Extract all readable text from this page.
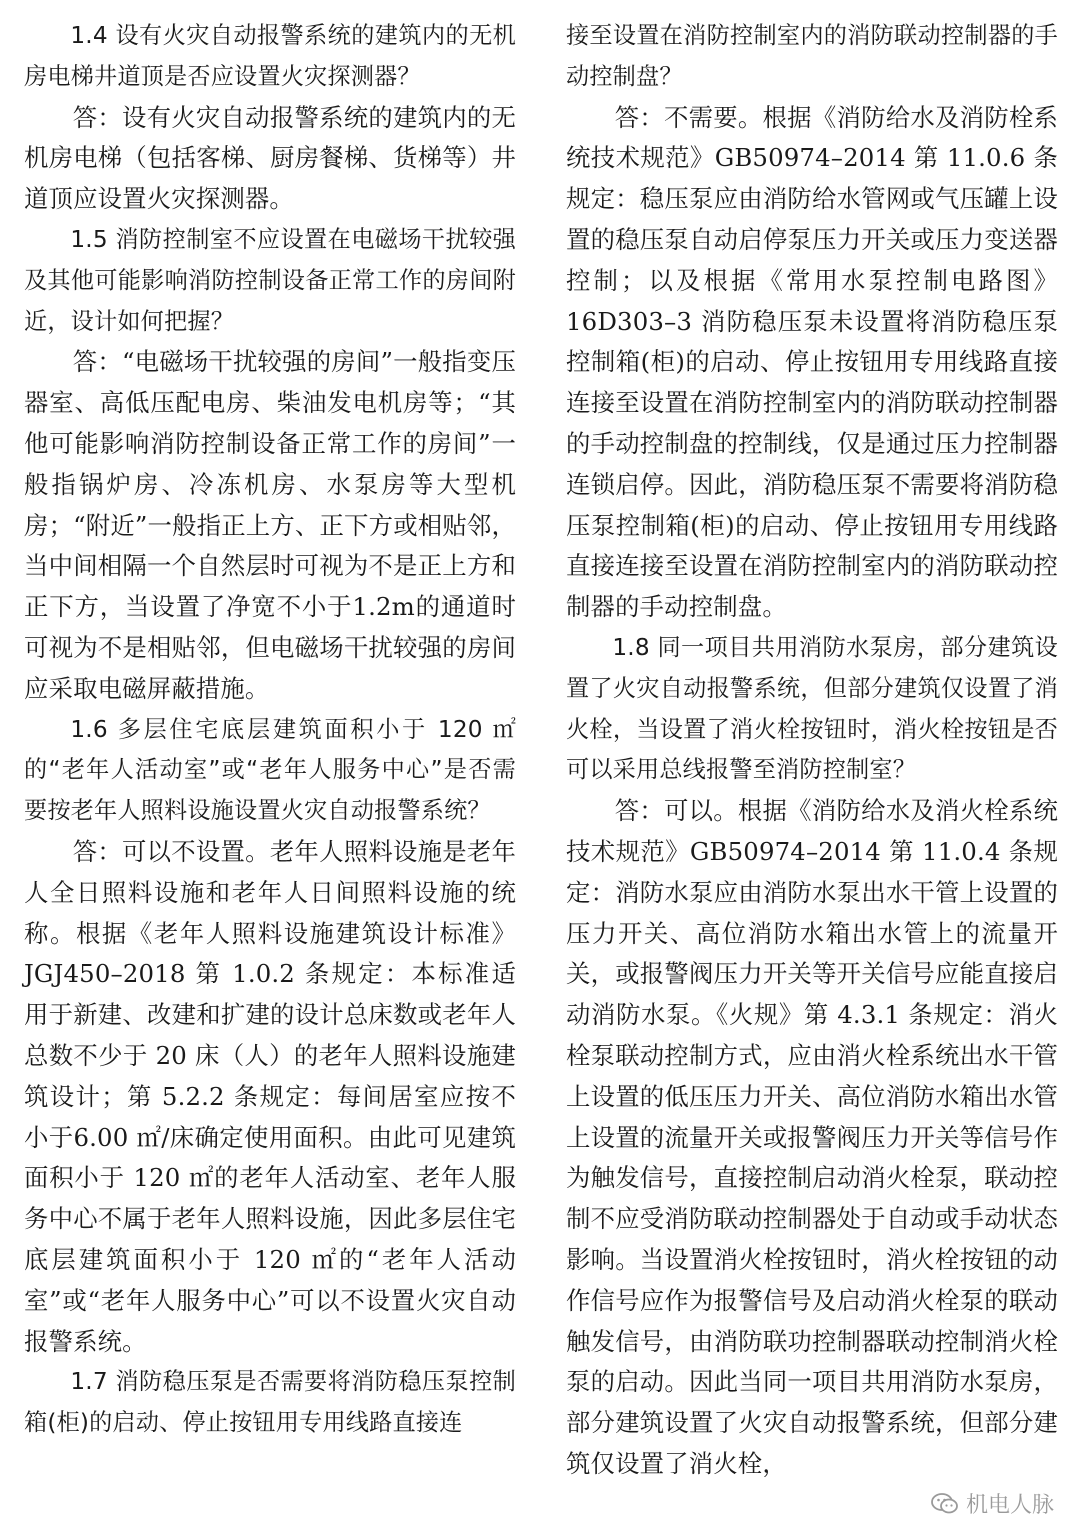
1.4 设有火灾自动报警系统的建筑内的无机房电梯井道顶是否应设置火灾探测器？
答：设有火灾自动报警系统的建筑内的无机房电梯（包括客梯、厨房餐梯、货梯等）井道顶应设置火灾探测器。
1.5 消防控制室不应设置在电磁场干扰较强及其他可能影响消防控制设备正常工作的房间附近，设计如何把握？
答：“电磁场干扰较强的房间”一般指变压器室、高低压配电房、柴油发电机房等；“其他可能影响消防控制设备正常工作的房间”一般指锅炉房、冷冻机房、水泵房等大型机房；“附近”一般指正上方、正下方或相贴邻，当中间相隔一个自然层时可视为不是正上方和正下方，当设置了净宽不小于1.2m的通道时可视为不是相贴邻，但电磁场干扰较强的房间应采取电磁屏蔽措施。
1.6 多层住宅底层建筑面积小于 120 ㎡的“老年人活动室”或“老年人服务中心”是否需要按老年人照料设施设置火灾自动报警系统？
答：可以不设置。老年人照料设施是老年人全日照料设施和老年人日间照料设施的统称。根据《老年人照料设施建筑设计标准》JGJ450–2018 第 1.0.2 条规定：本标准适用于新建、改建和扩建的设计总床数或老年人总数不少于 20 床（人）的老年人照料设施建筑设计；第 5.2.2 条规定：每间居室应按不小于6.00 ㎡/床确定使用面积。由此可见建筑面积小于 120 ㎡的老年人活动室、老年人服务中心不属于老年人照料设施，因此多层住宅底层建筑面积小于 120 ㎡的“老年人活动室”或“老年人服务中心”可以不设置火灾自动报警系统。
1.7 消防稳压泵是否需要将消防稳压泵控制箱(柜)的启动、停止按钮用专用线路直接连
接至设置在消防控制室内的消防联动控制器的手动控制盘？
答：不需要。根据《消防给水及消防栓系统技术规范》GB50974–2014 第 11.0.6 条规定：稳压泵应由消防给水管网或气压罐上设置的稳压泵自动启停泵压力开关或压力变送器控制；以及根据《常用水泵控制电路图》16D303–3 消防稳压泵未设置将消防稳压泵控制箱(柜)的启动、停止按钮用专用线路直接连接至设置在消防控制室内的消防联动控制器的手动控制盘的控制线，仅是通过压力控制器连锁启停。因此，消防稳压泵不需要将消防稳压泵控制箱(柜)的启动、停止按钮用专用线路直接连接至设置在消防控制室内的消防联动控制器的手动控制盘。
1.8 同一项目共用消防水泵房，部分建筑设置了火灾自动报警系统，但部分建筑仅设置了消火栓，当设置了消火栓按钮时，消火栓按钮是否可以采用总线报警至消防控制室？
答：可以。根据《消防给水及消火栓系统技术规范》GB50974–2014 第 11.0.4 条规定：消防水泵应由消防水泵出水干管上设置的压力开关、高位消防水箱出水管上的流量开关，或报警阀压力开关等开关信号应能直接启动消防水泵。《火规》第 4.3.1 条规定：消火栓泵联动控制方式，应由消火栓系统出水干管上设置的低压压力开关、高位消防水箱出水管上设置的流量开关或报警阀压力开关等信号作为触发信号，直接控制启动消火栓泵，联动控制不应受消防联动控制器处于自动或手动状态影响。当设置消火栓按钮时，消火栓按钮的动作信号应作为报警信号及启动消火栓泵的联动触发信号，由消防联功控制器联动控制消火栓泵的启动。因此当同一项目共用消防水泵房，部分建筑设置了火灾自动报警系统，但部分建筑仅设置了消火栓，
机电人脉
